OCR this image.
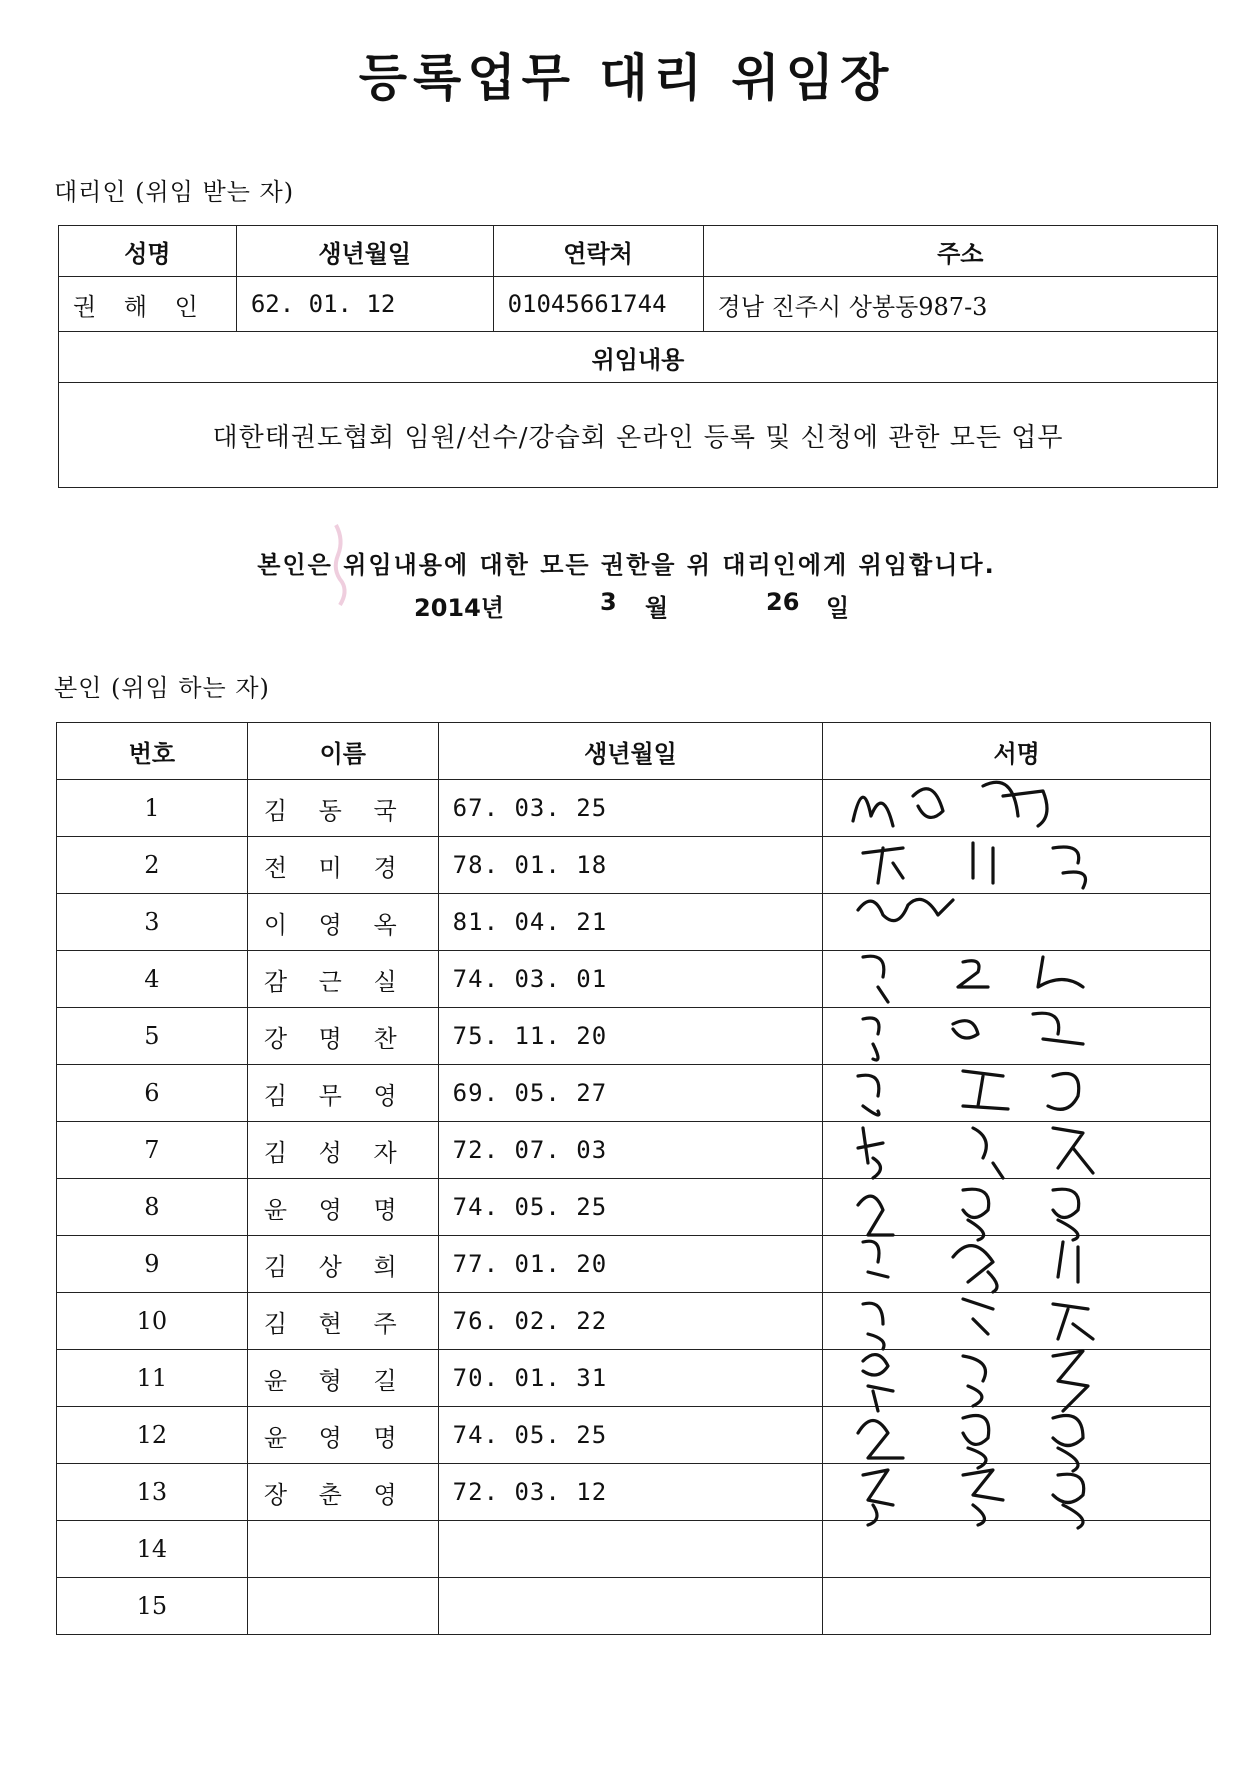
등록업무 대리 위임장
대리인 (위임 받는 자)
성명	생년월일	연락처	주소
권 해 인	62. 01. 12	01045661744	경남 진주시 상봉동987-3
위임내용			
대한태권도협회 임원/선수/강습회 온라인 등록 및 신청에 관한 모든 업무			
본인은 위임내용에 대한 모든 권한을 위 대리인에게 위임합니다.
2014년	3 월	26 일
본인 (위임 하는 자)
번호	이름	생년월일	서명
1	김 동 국	67. 03. 25	

2	전 미 경	78. 01. 18	

3	이 영 옥	81. 04. 21	

4	감 근 실	74. 03. 01	

5	강 명 찬	75. 11. 20	

6	김 무 영	69. 05. 27	

7	김 성 자	72. 07. 03	

8	윤 영 명	74. 05. 25	

9	김 상 희	77. 01. 20	

10	김 현 주	76. 02. 22	

11	윤 형 길	70. 01. 31	

12	윤 영 명	74. 05. 25	

13	장 춘 영	72. 03. 12	

14			
15			
